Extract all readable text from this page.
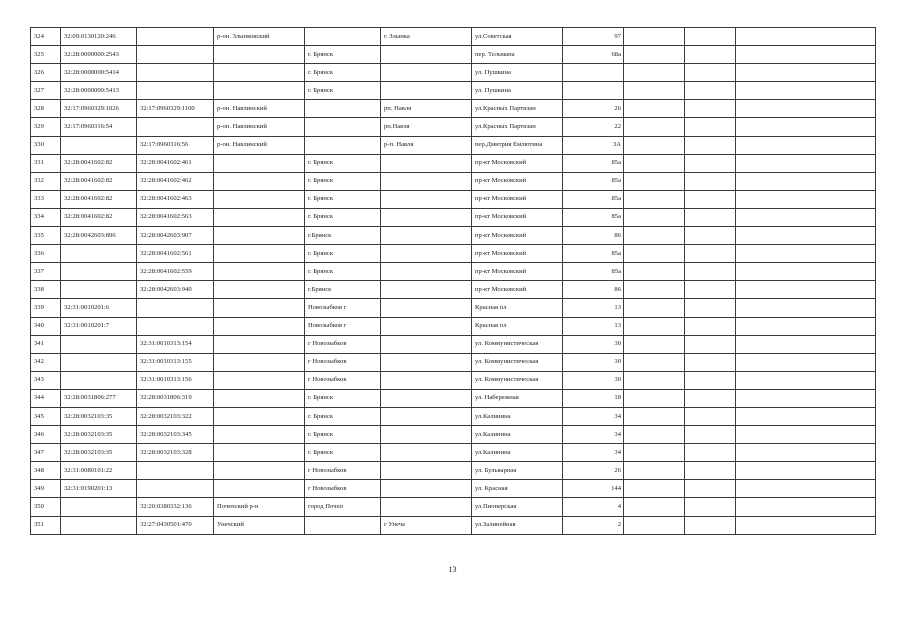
324	32:09:0130120:246		р-он. Злынковский		г. Злынка	ул.Советская	97			
325	32:28:0000000:2543			г. Брянск		пер. Тельмана	68а			
326	32:28:0000000:5414			г. Брянск		ул. Пушкина				
327	32:28:0000000:5413			г. Брянск		ул. Пушкина				
328	32:17:0960329:1026	32:17:0960329:1100	р-он. Навлинский		рп. Навля	ул.Красных Партизан	26			
329	32:17:0960316:54		р-он. Навлинский		рп.Навля	ул.Красных Партизан	22			
330		32:17:0960316:56	р-он. Навлинский		р-п. Навля	пер.Дмитрия Емлютина	3А			
331	32:28:0041602:82	32:28:0041602:461		г. Брянск		пр-кт Московский	85а			
332	32:28:0041602:82	32:28:0041602:462		г. Брянск		пр-кт Московский	85а			
333	32:28:0041602:82	32:28:0041602:463		г. Брянск		пр-кт Московский	85а			
334	32:28:0041602:82	32:28:0041602:563		г. Брянск		пр-кт Московский	85а			
335	32:28:0042603:896	32:28:0042603:907		г.Брянск		пр-кт Московский	86			
336		32:28:0041602:561		г. Брянск		пр-кт Московский	85а			
337		32:28:0041602:559		г. Брянск		пр-кт Московский	85а			
338		32:28:0042603:940		г.Брянск		пр-кт Московский	86			
339	32:31:0010201:6			Новозыбков г		Красная пл	13			
340	32:31:0010201:7			Новозыбков г		Красная пл	13			
341		32:31:0010313:154		г Новозыбков		ул. Коммунистическая	30			
342		32:31:0010313:155		г Новозыбков		ул. Коммунистическая	30			
343		32:31:0010313:156		г Новозыбков		ул. Коммунистическая	30			
344	32:28:0031806:277	32:28:0031806:319		г. Брянск		ул. Набережная	18			
345	32:28:0032103:35	32:28:0032103:322		г. Брянск		ул.Калинина	34			
346	32:28:0032103:35	32:28:0032103:345		г. Брянск		ул.Калинина	34			
347	32:28:0032103:35	32:28:0032103:328		г. Брянск		ул.Калинина	34			
348	32:31:0080101:22			г Новозыбков		ул. Бульварная	26			
349	32:31:0190201:13			г Новозыбков		ул. Красная	144			
350		32:20:0380332:136	Почепский р-н	город Почеп		ул.Пионерская	4			
351		32:27:0430501:470	Унечский		г Унеча	ул.Залинейная	2			
13
